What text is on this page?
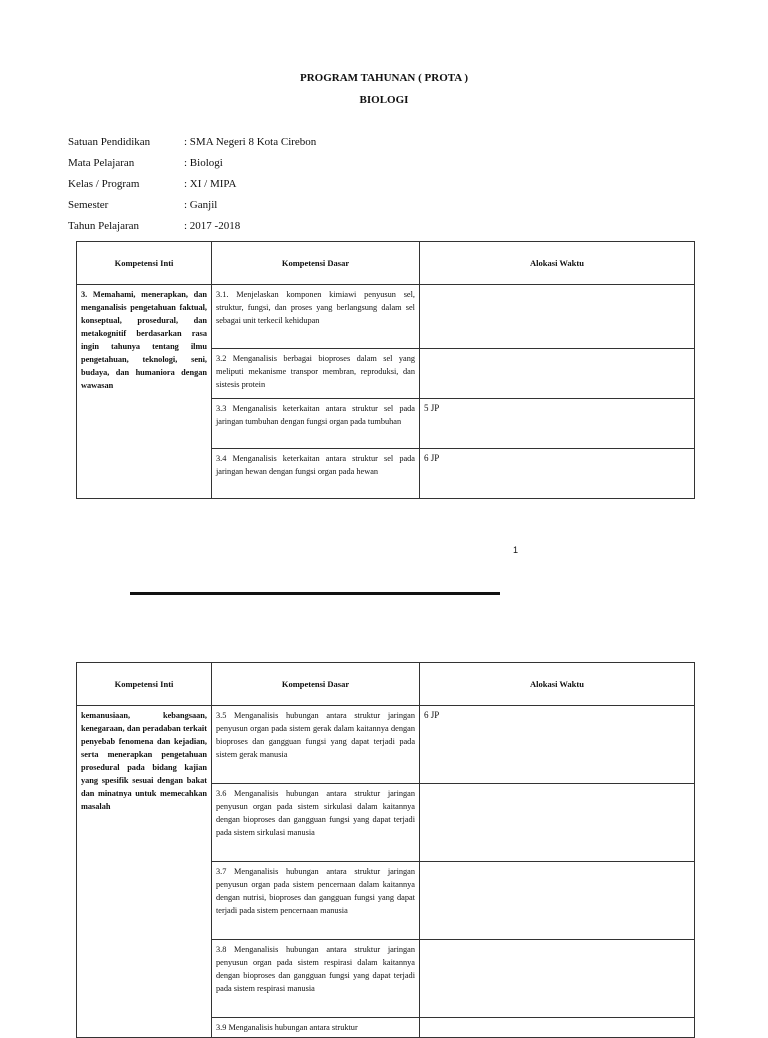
PROGRAM TAHUNAN ( PROTA )
BIOLOGI
Satuan Pendidikan	: SMA Negeri 8 Kota Cirebon
Mata Pelajaran	: Biologi
Kelas / Program	: XI / MIPA
Semester	: Ganjil
Tahun Pelajaran	: 2017 -2018
Kompetensi Inti	Kompetensi Dasar	Alokasi Waktu
3. Memahami, menerapkan, dan menganalisis pengetahuan faktual, konseptual, prosedural, dan metakognitif berdasarkan rasa ingin tahunya tentang ilmu pengetahuan, teknologi, seni, budaya, dan humaniora dengan wawasan	3.1. Menjelaskan komponen kimiawi penyusun sel, struktur, fungsi, dan proses yang berlangsung dalam sel sebagai unit terkecil kehidupan	
	3.2 Menganalisis berbagai bioproses dalam sel yang meliputi mekanisme transpor membran, reproduksi, dan sistesis protein	
	3.3 Menganalisis keterkaitan antara struktur sel pada jaringan tumbuhan dengan fungsi organ pada tumbuhan	5 JP
	3.4 Menganalisis keterkaitan antara struktur sel pada jaringan hewan dengan fungsi organ pada hewan	6 JP
1
Kompetensi Inti	Kompetensi Dasar	Alokasi Waktu
kemanusiaan, kebangsaan, kenegaraan, dan peradaban terkait penyebab fenomena dan kejadian, serta menerapkan pengetahuan prosedural pada bidang kajian yang spesifik sesuai dengan bakat dan minatnya untuk memecahkan masalah	3.5 Menganalisis hubungan antara struktur jaringan penyusun organ pada sistem gerak dalam kaitannya dengan bioproses dan gangguan fungsi yang dapat terjadi pada sistem gerak manusia	6 JP
	3.6 Menganalisis hubungan antara struktur jaringan penyusun organ pada sistem sirkulasi dalam kaitannya dengan bioproses dan gangguan fungsi yang dapat terjadi pada sistem sirkulasi manusia	
	3.7 Menganalisis hubungan antara struktur jaringan penyusun organ pada sistem pencernaan dalam kaitannya dengan nutrisi, bioproses dan gangguan fungsi yang dapat terjadi pada sistem pencernaan manusia	
	3.8 Menganalisis hubungan antara struktur jaringan penyusun organ pada sistem respirasi dalam kaitannya dengan bioproses dan gangguan fungsi yang dapat terjadi pada sistem respirasi manusia	
	3.9 Menganalisis hubungan antara struktur	
